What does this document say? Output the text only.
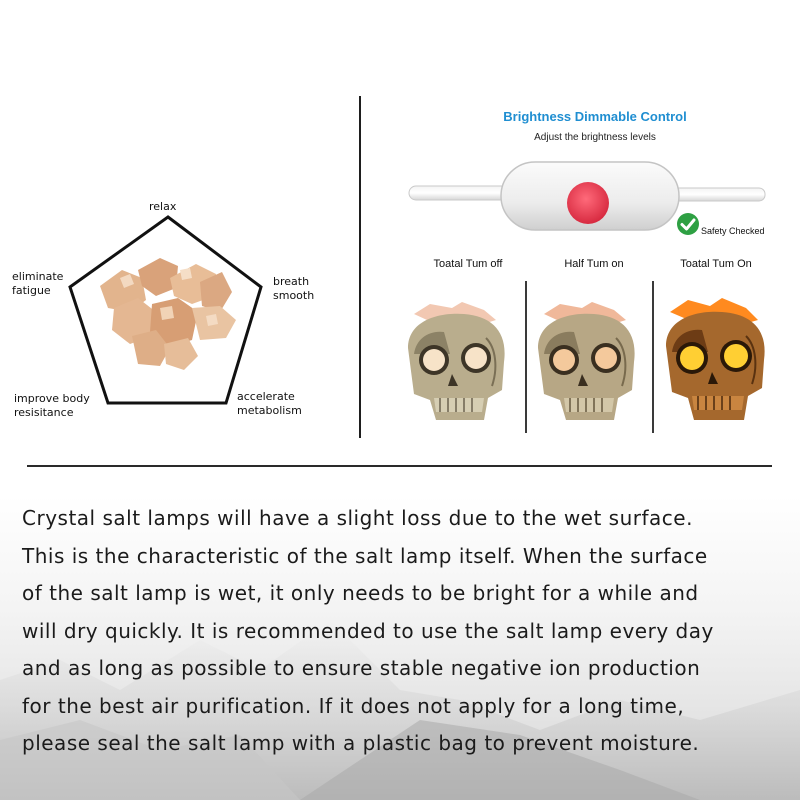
relax
eliminate
fatigue
breath
smooth
improve body
resisitance
accelerate
metabolism
Brightness Dimmable Control
Adjust the brightness levels
Safety Checked
Toatal Tum off	Half Tum on	Toatal Tum On
Crystal salt lamps will have a slight loss due to the wet surface.
This is the characteristic of the salt lamp itself. When the surface
of the salt lamp is wet, it only needs to be bright for a while and
will dry quickly. It is recommended to use the salt lamp every day
and as long as possible to ensure stable negative ion production
for the best air purification. If it does not apply for a long time,
please seal the salt lamp with a plastic bag to prevent moisture.
